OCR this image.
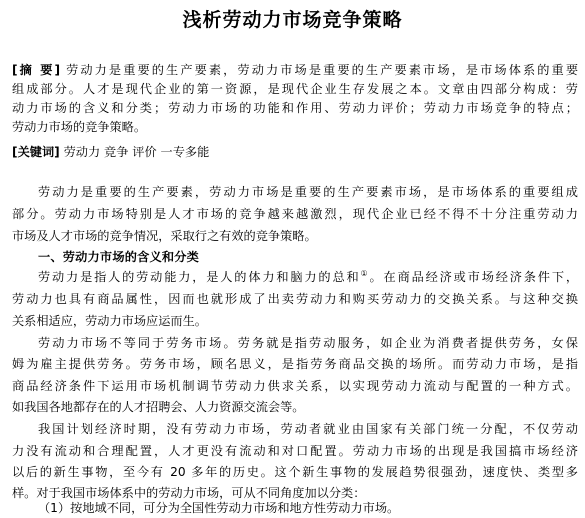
浅析劳动力市场竞争策略
[摘 要] 劳动力是重要的生产要素，劳动力市场是重要的生产要素市场，是市场体系的重要
组成部分。人才是现代企业的第一资源，是现代企业生存发展之本。文章由四部分构成：劳
动力市场的含义和分类；劳动力市场的功能和作用、劳动力评价；劳动力市场竞争的特点；
劳动力市场的竞争策略。
[关键词] 劳动力 竞争 评价 一专多能
劳动力是重要的生产要素，劳动力市场是重要的生产要素市场，是市场体系的重要组成
部分。劳动力市场特别是人才市场的竞争越来越激烈，现代企业已经不得不十分注重劳动力
市场及人才市场的竞争情况，采取行之有效的竞争策略。
一、劳动力市场的含义和分类
劳动力是指人的劳动能力，是人的体力和脑力的总和①。在商品经济或市场经济条件下，
劳动力也具有商品属性，因而也就形成了出卖劳动力和购买劳动力的交换关系。与这种交换
关系相适应，劳动力市场应运而生。
劳动力市场不等同于劳务市场。劳务就是指劳动服务，如企业为消费者提供劳务，女保
姆为雇主提供劳务。劳务市场，顾名思义，是指劳务商品交换的场所。而劳动力市场，是指
商品经济条件下运用市场机制调节劳动力供求关系，以实现劳动力流动与配置的一种方式。
如我国各地都存在的人才招聘会、人力资源交流会等。
我国计划经济时期，没有劳动力市场，劳动者就业由国家有关部门统一分配，不仅劳动
力没有流动和合理配置，人才更没有流动和对口配置。劳动力市场的出现是我国搞市场经济
以后的新生事物，至今有 20 多年的历史。这个新生事物的发展趋势很强劲，速度快、类型多
样。对于我国市场体系中的劳动力市场，可从不同角度加以分类：
（1）按地域不同，可分为全国性劳动力市场和地方性劳动力市场。
